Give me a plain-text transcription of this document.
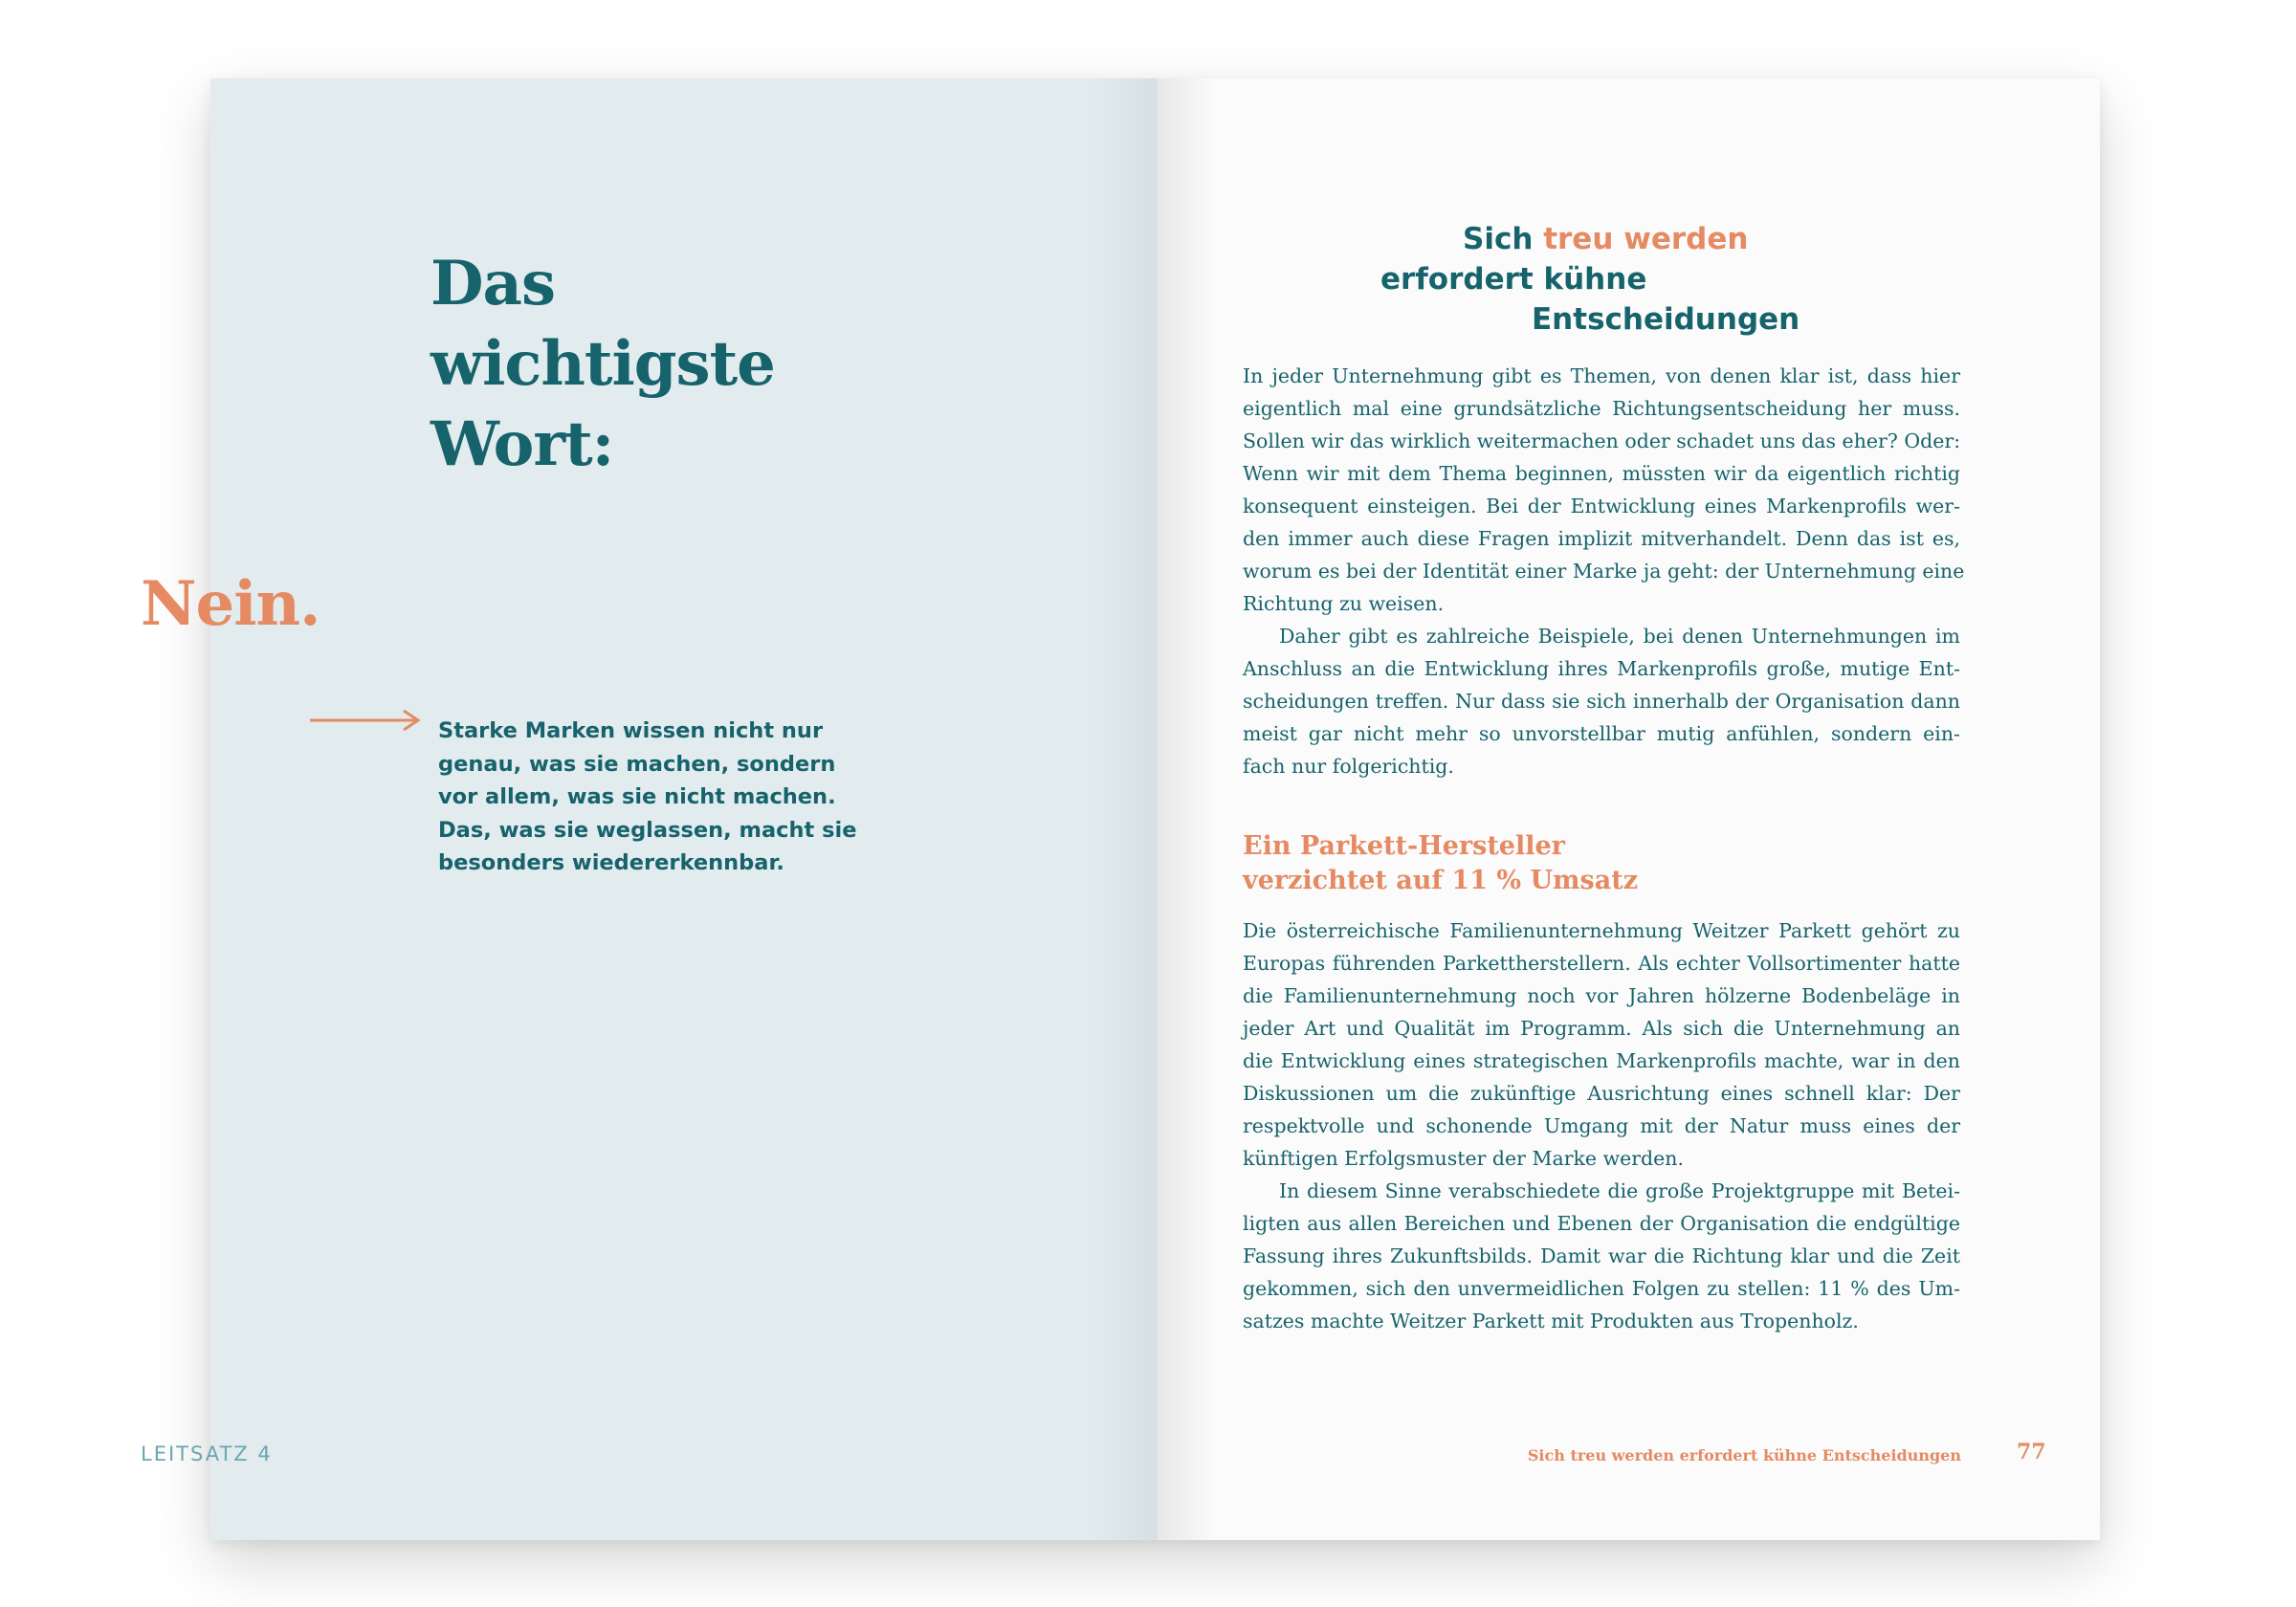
Das
wichtigste
Wort:
Nein.

Starke Marken wissen nicht nur
genau, was sie machen, sondern
vor allem, was sie nicht machen.
Das, was sie weglassen, macht sie
besonders wiedererkennbar.

LEITSATZ 4
Sich treu werden
erfordert kühne
Entscheidungen
In jeder Unternehmung gibt es Themen, von denen klar ist, dass hier
eigentlich mal eine grundsätzliche Richtungsentscheidung her muss.
Sollen wir das wirklich weitermachen oder schadet uns das eher? Oder:
Wenn wir mit dem Thema beginnen, müssten wir da eigentlich richtig
konsequent einsteigen. Bei der Entwicklung eines Markenprofils wer-
den immer auch diese Fragen implizit mitverhandelt. Denn das ist es,
worum es bei der Identität einer Marke ja geht: der Unternehmung eine
Richtung zu weisen.
Daher gibt es zahlreiche Beispiele, bei denen Unternehmungen im
Anschluss an die Entwicklung ihres Markenprofils große, mutige Ent-
scheidungen treffen. Nur dass sie sich innerhalb der Organisation dann
meist gar nicht mehr so unvorstellbar mutig anfühlen, sondern ein-
fach nur folgerichtig.
Ein Parkett-Hersteller
verzichtet auf 11 % Umsatz
Die österreichische Familienunternehmung Weitzer Parkett gehört zu
Europas führenden Parkettherstellern. Als echter Vollsortimenter hatte
die Familienunternehmung noch vor Jahren hölzerne Bodenbeläge in
jeder Art und Qualität im Programm. Als sich die Unternehmung an
die Entwicklung eines strategischen Markenprofils machte, war in den
Diskussionen um die zukünftige Ausrichtung eines schnell klar: Der
respektvolle und schonende Umgang mit der Natur muss eines der
künftigen Erfolgsmuster der Marke werden.
In diesem Sinne verabschiedete die große Projektgruppe mit Betei-
ligten aus allen Bereichen und Ebenen der Organisation die endgültige
Fassung ihres Zukunftsbilds. Damit war die Richtung klar und die Zeit
gekommen, sich den unvermeidlichen Folgen zu stellen: 11 % des Um-
satzes machte Weitzer Parkett mit Produkten aus Tropenholz.
Sich treu werden erfordert kühne Entscheidungen	77
